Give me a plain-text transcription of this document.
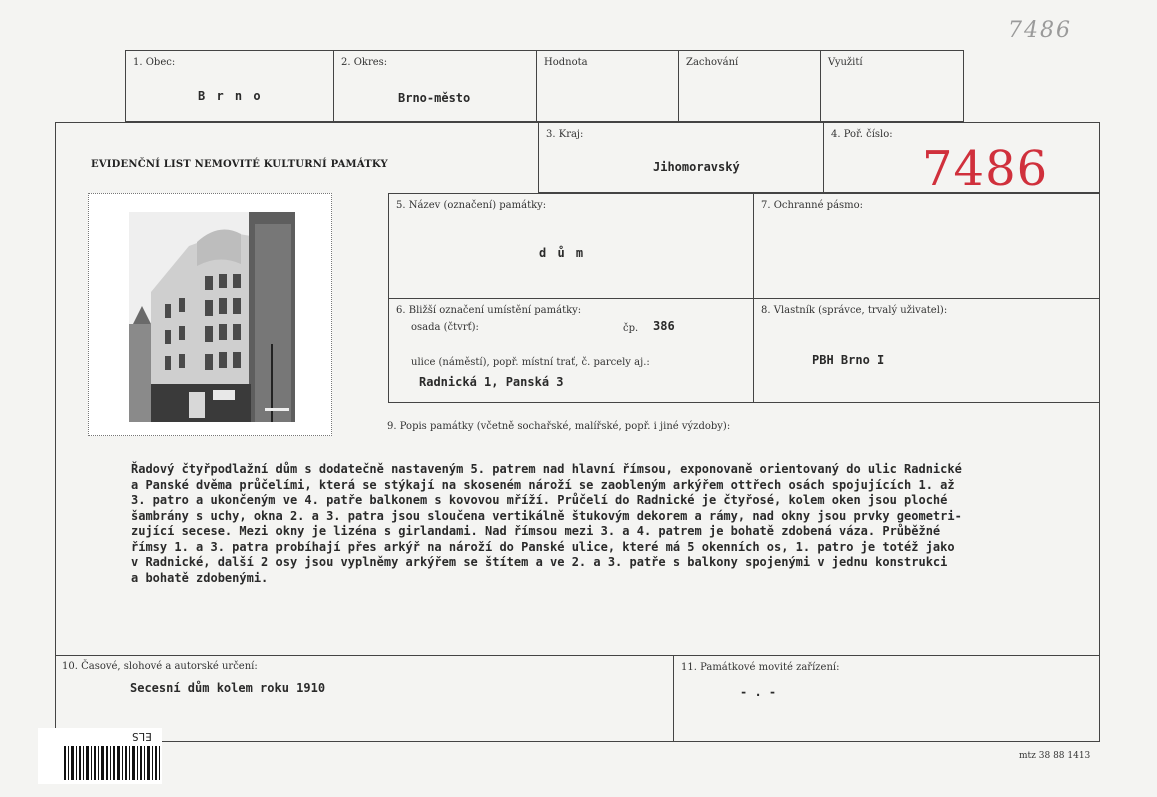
7486
1. Obec:
B r n o
2. Okres:
Brno-město
Hodnota	Zachování	Využití
EVIDENČNÍ LIST NEMOVITÉ KULTURNÍ PAMÁTKY
3. Kraj:
Jihomoravský
4. Poř. číslo:
7486
5. Název (označení) památky:
d ů m
7. Ochranné pásmo:
6. Bližší označení umístění památky:
osada (čtvrť):	čp. 386
ulice (náměstí), popř. místní trať, č. parcely aj.:
Radnická 1, Panská 3
8. Vlastník (správce, trvalý uživatel):
PBH Brno I
9. Popis památky (včetně sochařské, malířské, popř. i jiné výzdoby):
Řadový čtyřpodlažní dům s dodatečně nastaveným 5. patrem nad hlavní římsou, exponovaně orientovaný do ulic Radnické
a Panské dvěma průčelími, která se stýkají na skoseném nároží se zaobleným arkýřem ottřech osách spojujících 1. až
3. patro a ukončeným ve 4. patře balkonem s kovovou mříží. Průčelí do Radnické je čtyřosé, kolem oken jsou ploché
šambrány s uchy, okna 2. a 3. patra jsou sloučena vertikálně štukovým dekorem a rámy, nad okny jsou prvky geometri-
zující secese. Mezi okny je lizéna s girlandami. Nad římsou mezi 3. a 4. patrem je bohatě zdobená váza. Průběžné
římsy 1. a 3. patra probíhají přes arkýř na nároží do Panské ulice, které má 5 okenních os, 1. patro je totéž jako
v Radnické, další 2 osy jsou vyplněmy arkýřem se štítem a ve 2. a 3. patře s balkony spojenými v jednu konstrukci
a bohatě zdobenými.
10. Časové, slohové a autorské určení:
Secesní dům kolem roku 1910
11. Památkové movité zařízení:
- . -
ELS
mtz 38 88 1413
